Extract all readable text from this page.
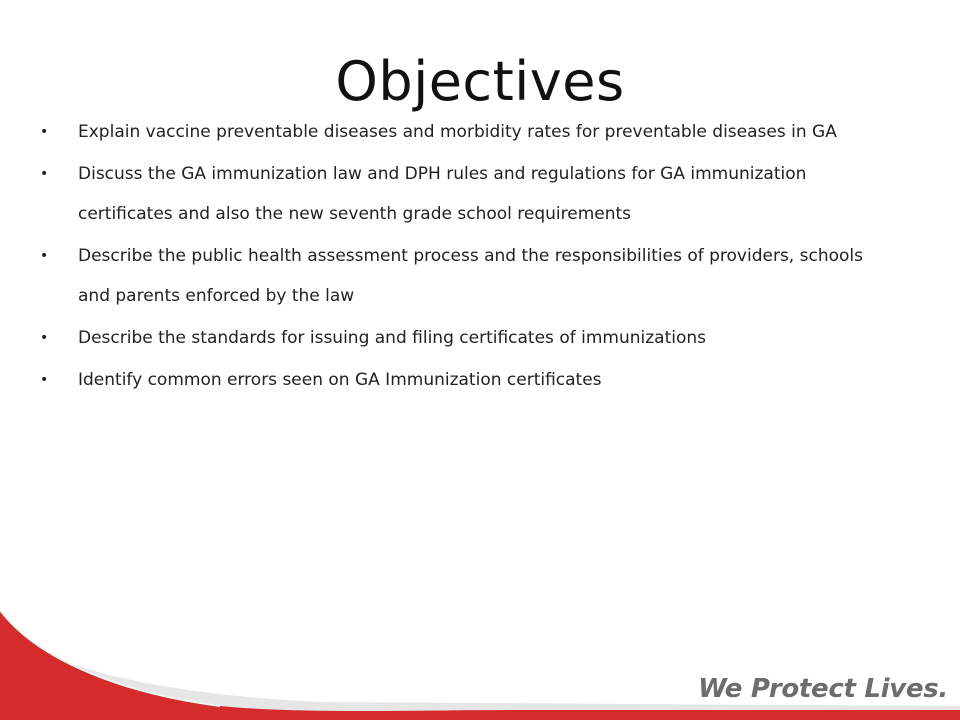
Objectives
• Explain vaccine preventable diseases and morbidity rates for preventable diseases in GA
• Discuss the GA immunization law and DPH rules and regulations for GA immunization certificates and also the new seventh grade school requirements
• Describe the public health assessment process and the responsibilities of providers, schools and parents enforced by the law
• Describe the standards for issuing and filing certificates of immunizations
• Identify common errors seen on GA Immunization certificates
We Protect Lives.
